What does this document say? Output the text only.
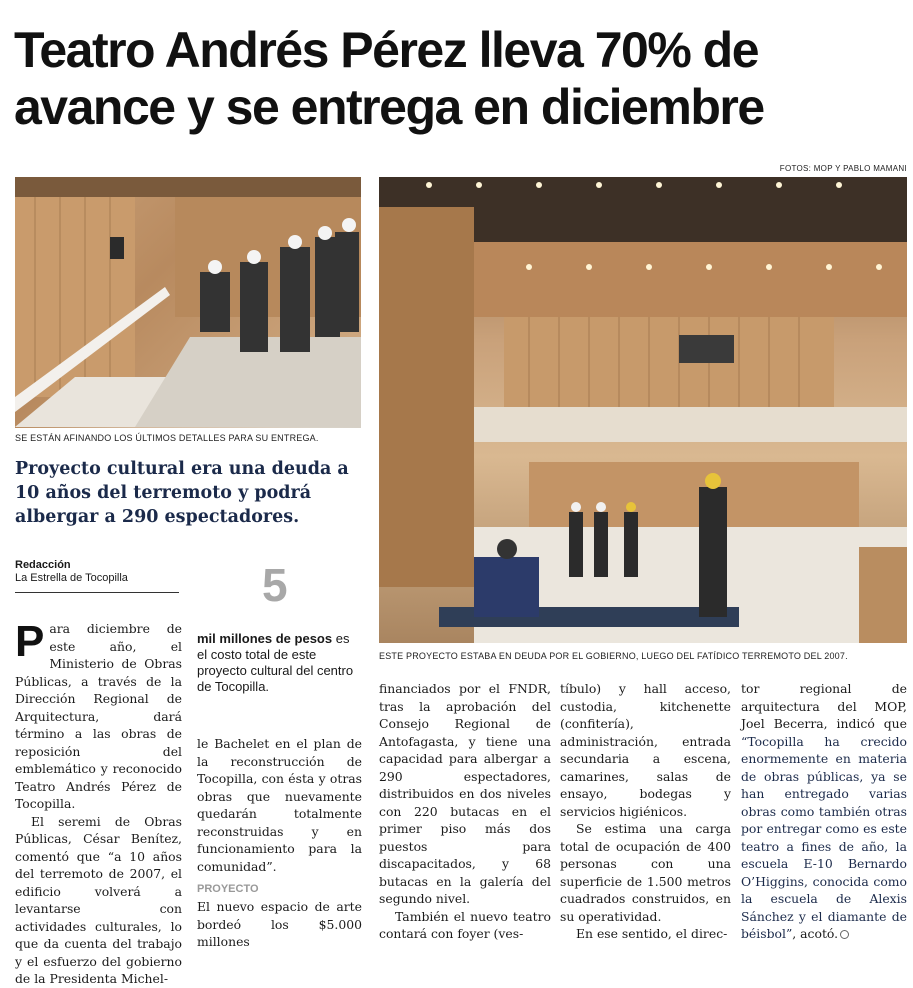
Teatro Andrés Pérez lleva 70% de avance y se entrega en diciembre
FOTOS: MOP Y PABLO MAMANI
SE ESTÁN AFINANDO LOS ÚLTIMOS DETALLES PARA SU ENTREGA.
ESTE PROYECTO ESTABA EN DEUDA POR EL GOBIERNO, LUEGO DEL FATÍDICO TERREMOTO DEL 2007.
Proyecto cultural era una deuda a 10 años del terremoto y podrá albergar a 290 espectadores.
Redacción
La Estrella de Tocopilla	5
mil millones de pesos es el costo total de este proyecto cultural del centro de Tocopilla.

Para diciembre de este año, el Ministerio de Obras Públicas, a través de la Dirección Regional de Arquitectura, dará término a las obras de reposición del emblemático y reconocido Teatro Andrés Pérez de Tocopilla.

El seremi de Obras Públicas, César Benítez, comentó que “a 10 años del terremoto de 2007, el edificio volverá a levantarse con actividades culturales, lo que da cuenta del trabajo y el esfuerzo del gobierno de la Presidenta Michel-

le Bachelet en el plan de la reconstrucción de Tocopilla, con ésta y otras obras que nuevamente quedarán totalmente reconstruidas y en funcionamiento para la comunidad”.

PROYECTO

El nuevo espacio de arte bordeó los $5.000 millones

financiados por el FNDR, tras la aprobación del Consejo Regional de Antofagasta, y tiene una capacidad para albergar a 290 espectadores, distribuidos en dos niveles con 220 butacas en el primer piso más dos puestos para discapacitados, y 68 butacas en la galería del segundo nivel.

También el nuevo teatro contará con foyer (ves-

tíbulo) y hall acceso, custodia, kitchenette (confitería), administración, entrada secundaria a escena, camarines, salas de ensayo, bodegas y servicios higiénicos.

Se estima una carga total de ocupación de 400 personas con una superficie de 1.500 metros cuadrados construidos, en su operatividad.

En ese sentido, el direc-

tor regional de arquitectura del MOP, Joel Becerra, indicó que “Tocopilla ha crecido enormemente en materia de obras públicas, ya se han entregado varias obras como también otras por entregar como es este teatro a fines de año, la escuela E-10 Bernardo O’Higgins, conocida como la escuela de Alexis Sánchez y el diamante de béisbol”, acotó.
